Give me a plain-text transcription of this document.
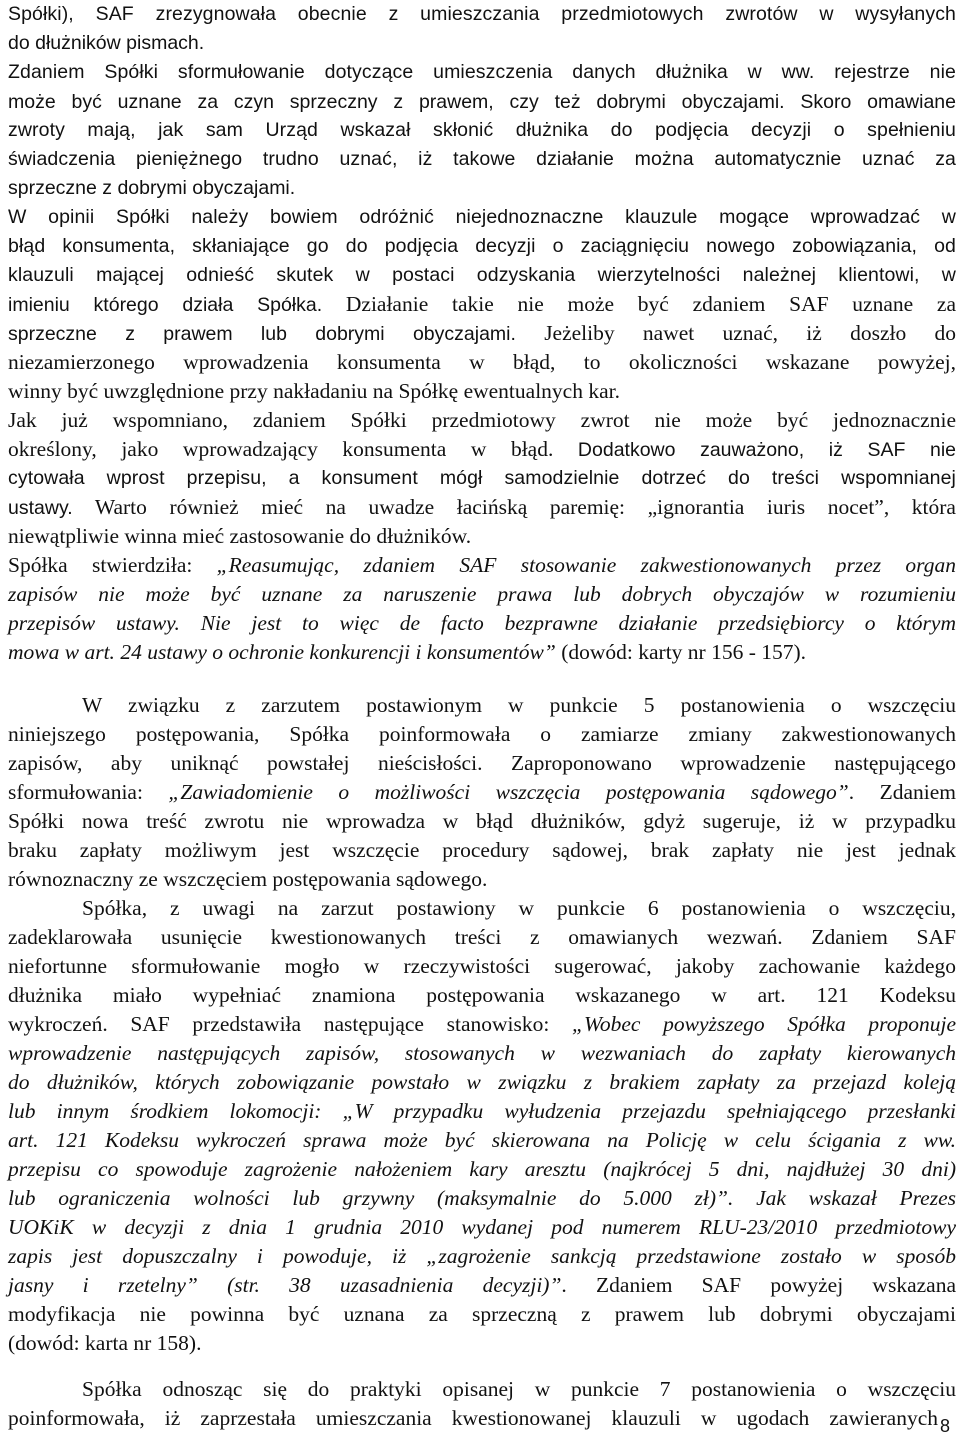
Spółki), SAF zrezygnowała obecnie z umieszczania przedmiotowych zwrotów w wysyłanych
do dłużników pismach.
Zdaniem Spółki sformułowanie dotyczące umieszczenia danych dłużnika w ww. rejestrze nie
może być uznane za czyn sprzeczny z prawem, czy też dobrymi obyczajami. Skoro omawiane
zwroty mają, jak sam Urząd wskazał skłonić dłużnika do podjęcia decyzji o spełnieniu
świadczenia pieniężnego trudno uznać, iż takowe działanie można automatycznie uznać za
sprzeczne z dobrymi obyczajami.
W opinii Spółki należy bowiem odróżnić niejednoznaczne klauzule mogące wprowadzać w
błąd konsumenta, skłaniające go do podjęcia decyzji o zaciągnięciu nowego zobowiązania, od
klauzuli mającej odnieść skutek w postaci odzyskania wierzytelności należnej klientowi, w
imieniu którego działa Spółka. Działanie takie nie może być zdaniem SAF uznane za
sprzeczne z prawem lub dobrymi obyczajami. Jeżeliby nawet uznać, iż doszło do
niezamierzonego wprowadzenia konsumenta w błąd, to okoliczności wskazane powyżej,
winny być uwzględnione przy nakładaniu na Spółkę ewentualnych kar.
Jak już wspomniano, zdaniem Spółki przedmiotowy zwrot nie może być jednoznacznie
określony, jako wprowadzający konsumenta w błąd. Dodatkowo zauważono, iż SAF nie
cytowała wprost przepisu, a konsument mógł samodzielnie dotrzeć do treści wspomnianej
ustawy. Warto również mieć na uwadze łacińską paremię: „ignorantia iuris nocet”, która
niewątpliwie winna mieć zastosowanie do dłużników.
Spółka stwierdziła: „Reasumując, zdaniem SAF stosowanie zakwestionowanych przez organ
zapisów nie może być uznane za naruszenie prawa lub dobrych obyczajów w rozumieniu
przepisów ustawy. Nie jest to więc de facto bezprawne działanie przedsiębiorcy o którym
mowa w art. 24 ustawy o ochronie konkurencji i konsumentów” (dowód: karty nr 156 - 157).
W związku z zarzutem postawionym w punkcie 5 postanowienia o wszczęciu
niniejszego postępowania, Spółka poinformowała o zamiarze zmiany zakwestionowanych
zapisów, aby uniknąć powstałej nieścisłości. Zaproponowano wprowadzenie następującego
sformułowania: „Zawiadomienie o możliwości wszczęcia postępowania sądowego”. Zdaniem
Spółki nowa treść zwrotu nie wprowadza w błąd dłużników, gdyż sugeruje, iż w przypadku
braku zapłaty możliwym jest wszczęcie procedury sądowej, brak zapłaty nie jest jednak
równoznaczny ze wszczęciem postępowania sądowego.
Spółka, z uwagi na zarzut postawiony w punkcie 6 postanowienia o wszczęciu,
zadeklarowała usunięcie kwestionowanych treści z omawianych wezwań. Zdaniem SAF
niefortunne sformułowanie mogło w rzeczywistości sugerować, jakoby zachowanie każdego
dłużnika miało wypełniać znamiona postępowania wskazanego w art. 121 Kodeksu
wykroczeń. SAF przedstawiła następujące stanowisko: „Wobec powyższego Spółka proponuje
wprowadzenie następujących zapisów, stosowanych w wezwaniach do zapłaty kierowanych
do dłużników, których zobowiązanie powstało w związku z brakiem zapłaty za przejazd koleją
lub innym środkiem lokomocji: „W przypadku wyłudzenia przejazdu spełniającego przesłanki
art. 121 Kodeksu wykroczeń sprawa może być skierowana na Policję w celu ścigania z ww.
przepisu co spowoduje zagrożenie nałożeniem kary aresztu (najkrócej 5 dni, najdłużej 30 dni)
lub ograniczenia wolności lub grzywny (maksymalnie do 5.000 zł)”. Jak wskazał Prezes
UOKiK w decyzji z dnia 1 grudnia 2010 wydanej pod numerem RLU-23/2010 przedmiotowy
zapis jest dopuszczalny i powoduje, iż „zagrożenie sankcją przedstawione zostało w sposób
jasny i rzetelny” (str. 38 uzasadnienia decyzji)”. Zdaniem SAF powyżej wskazana
modyfikacja nie powinna być uznana za sprzeczną z prawem lub dobrymi obyczajami
(dowód: karta nr 158).
Spółka odnosząc się do praktyki opisanej w punkcie 7 postanowienia o wszczęciu
poinformowała, iż zaprzestała umieszczania kwestionowanej klauzuli w ugodach zawieranych 8
